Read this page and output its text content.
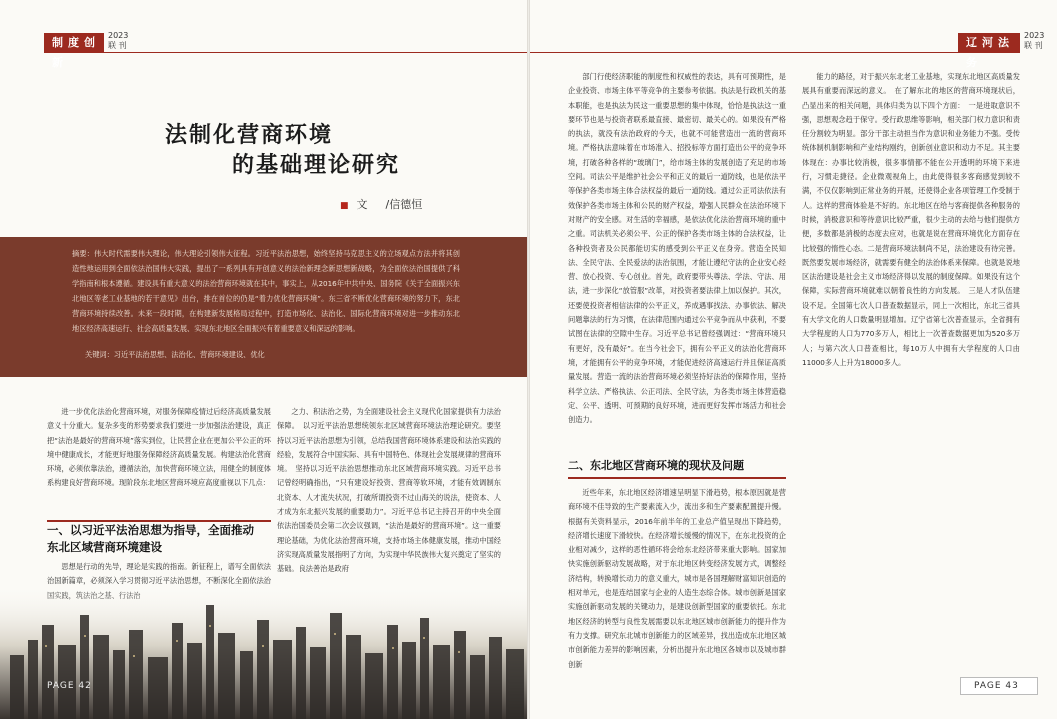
制度创新
2023
联 刊
法制化营商环境
的基础理论研究
■ 文 /信德恒
摘要：伟大时代需要伟大理论，伟大理论引领伟大征程。习近平法治思想，始终坚持马克思主义的立场观点方法并将其创造性地运用到全面依法治国伟大实践，提出了一系列具有开创意义的法治新理念新思想新战略，为全面依法治国提供了科学指南和根本遵循。建设具有重大意义的法治营商环境就在其中，事实上，从2016年中共中央、国务院《关于全面振兴东北地区等老工业基地的若干意见》出台，排在首位的仍是“着力优化营商环境”。东三省不断优化营商环境的努力下，东北营商环境持续改善。未来一段时期，在构建新发展格局过程中，打造市场化、法治化、国际化营商环境对进一步推动东北地区经济高速运行、社会高质量发展、实现东北地区全面振兴有着重要意义和深远的影响。
关键词：习近平法治思想、法治化、营商环境建设、优化

进一步优化法治化营商环境，对服务保障疫情过后经济高质量发展意义十分重大。复杂多变的形势要求我们要进一步加强法治建设，真正把“法治是最好的营商环境”落实到位，让民营企业在更加公平公正的环境中健康成长，才能更好地服务保障经济高质量发展。构建法治化营商环境，必须依靠法治，遵循法治，加快营商环境立法，用健全的制度体系构建良好营商环境。现阶段东北地区营商环境应高度重视以下几点：

一、以习近平法治思想为指导，全面推动
东北区域营商环境建设

思想是行动的先导，理论是实践的指南。新征程上，谱写全面依法治国新篇章，必须深入学习贯彻习近平法治思想，不断深化全面依法治

之力、积法治之势，为全面建设社会主义现代化国家提供有力法治保障。　以习近平法治思想统领东北区域营商环境法治理论研究。要坚持以习近平法治思想为引领，总结我国营商环境体系建设和法治实践的经验，发展符合中国实际、具有中国特色、体现社会发展规律的营商环境。　坚持以习近平法治思想推动东北区域营商环境实践。习近平总书记曾经明确指出，“只有建设好投资、营商等软环境，才能有效调制东北资本、人才流失状况，打破所谓投资不过山海关的说法，使资本、人才成为东北振兴发展的重要助力”。习近平总书记主持召开的中央全面依法治国委员会第二次会议强调，“法治是最好的营商环境”。这一重要理论基础，为优化法治营商环境，支持市场主体健康发展，推动中国经济实现高质量发展指明了方向，为实现中华民族伟大复兴奠定了坚实的基础。良法善治是政府

PAGE 42
辽河法务
2023
联 刊

部门行使经济职能的制度性和权威性的表达，具有可预期性，是企业投资、市场主体平等竞争的主要参考依据。执法是行政机关的基本职能，也是执法为民这一重要思想的集中体现，恰恰是执法这一重要环节也是与投资者联系最直接、最密切、最关心的。如果没有严格的执法，就没有法治政府的今天，也就不可能营造出一流的营商环境。严格执法意味着在市场准入、招投标等方面打造出公平的竞争环境，打破各种各样的“玻璃门”，给市场主体的发展创造了充足的市场空间。司法公平是维护社会公平和正义的最后一道防线，也是依法平等保护各类市场主体合法权益的最后一道防线。通过公正司法依法有效保护各类市场主体和公民的财产权益，增强人民群众在法治环境下对财产的安全感。对生活的幸福感，是依法优化法治营商环境的重中之重。司法机关必须公平、公正的保护各类市场主体的合法权益，让各种投资者及公民都能切实的感受到公平正义在身旁。营造全民知法、全民守法、全民爱法的法治氛围，才能让遵纪守法的企业安心经营、放心投资、专心创业。首先，政府要带头尊法、学法、守法、用法，进一步深化“放管服”改革，对投资者要法律上加以保护。其次，还要使投资者相信法律的公平正义，养成遇事找法、办事依法、解决问题靠法的行为习惯，在法律范围内通过公平竞争而从中获利，不要试图在法律的空隙中生存。习近平总书记曾经强调过：“营商环境只有更好，没有最好”。在当今社会下，拥有公平正义的法治化营商环境，才能拥有公平的竞争环境，才能促进经济高速运行并且保证高质量发展。营造一流的法治营商环境必须坚持好法治的保障作用，坚持科学立法、严格执法、公正司法、全民守法，为各类市场主体营造稳定、公平、透明、可预期的良好环境，进而更好发挥市场活力和社会创造力。

二、东北地区营商环境的现状及问题

近些年来，东北地区经济增速呈明显下滑趋势，根本原因就是营商环境不佳导致的生产要素流入少，流出多和生产要素配置提升慢。根据有关资料显示，2016年前半年的工业总产值呈现出下降趋势，经济增长速度下滑较快。在经济增长缓慢的情况下，在东北投资的企业相对减少，这样的恶性循环将会给东北经济带来重大影响。国家加快实施创新驱动发展战略，对于东北地区转变经济发展方式，调整经济结构，转换增长动力的意义重大，城市是各国理解财富知识创造的相对单元，也是连结国家与企业的人造生态综合体。城市创新是国家实施创新驱动发展的关键动力，是建设创新型国家的重要依托。东北地区经济的转型与良性发展需要以东北地区城市创新能力的提升作为有力支撑。研究东北城市创新能力的区域差异，找出造成东北地区城市创新能力差异的影响因素，分析出提升东北地区各城市以及城市群创新

能力的路径，对于振兴东北老工业基地，实现东北地区高质量发展具有重要而深远的意义。　在了解东北的地区的营商环境现状后，凸显出来的相关问题，具体归类为以下四个方面：　一是进取意识不强，思想观念趋于保守。受行政思维等影响，相关部门权力意识和责任分割较为明显。部分干部主动担当作为意识和业务能力不强。受传统体制机制影响和产业结构刚约，创新创业意识和动力不足。其主要体现在：办事比较消极，很多事情都不能在公开透明的环境下来进行，习惯走捷径。企业微观视角上，由此使得很多客商感觉到较不满，不仅仅影响到正常业务的开展，还使得企业各项管理工作受制于人。这样的营商体验是不好的。东北地区在给与客商提供各种服务的时候，消极意识和等待意识比较严重，很少主动的去给与他们提供方便，多数都是消极的态度去应对，也就是说在营商环境优化方面存在比较强的惰性心态。二是营商环境法制尚不足，法治建设有待完善。既然要发展市场经济，就需要有健全的法治体系来保障。也就是说地区法治建设是社会主义市场经济得以发展的制度保障。如果没有这个保障，实际营商环境就难以朝着良性的方向发展。　三是人才队伍建设不足。全国第七次人口普查数据显示，同上一次相比，东北三省具有大学文化的人口数量明显增加。辽宁省第七次普查显示，全省拥有大学程度的人口为770多万人，相比上一次普查数据更加为520多万人；与第六次人口普查相比，每10万人中拥有大学程度的人口由11000多人上升为18000多人。

PAGE 43
